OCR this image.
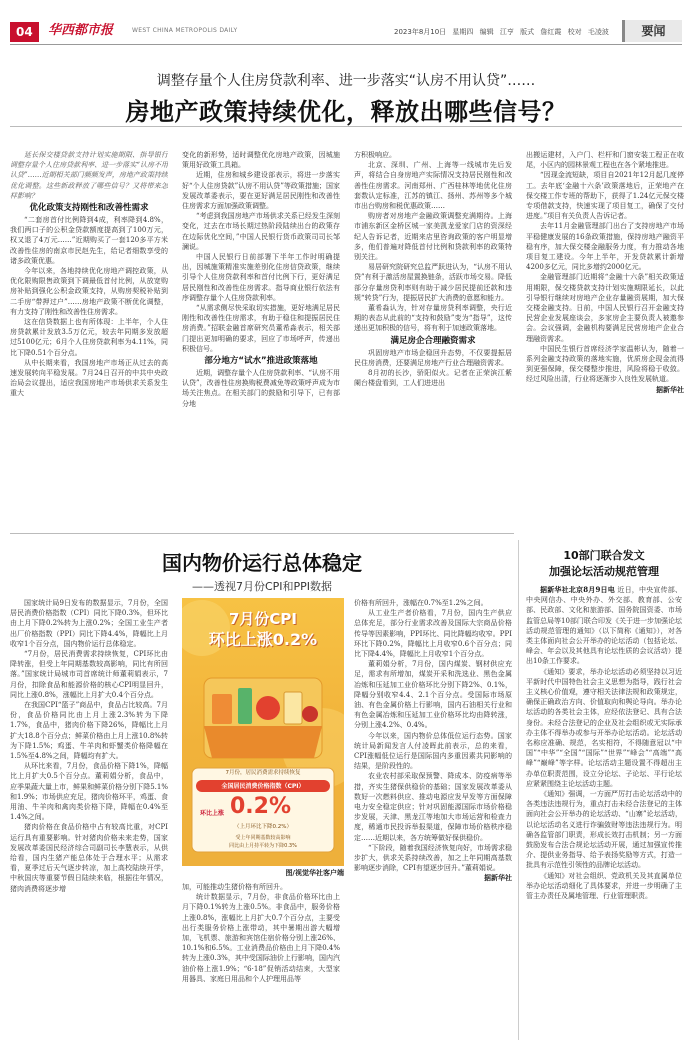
04	华西都市报	WEST CHINA METROPOLIS DAILY	2023年8月10日 星期四 编辑 江亨 版式 詹红霞 校对 毛凌波	要闻
调整存量个人住房贷款利率、进一步落实“认房不用认贷”……
房地产政策持续优化，释放出哪些信号？
延长保交楼贷款支持计划实施期限、指导银行调整存量个人住房贷款利率、进一步落实“认房不用认贷”……近期相关部门频频发声，房地产政策持续优化调整。这些新政释放了哪些信号？又将带来怎样影响？
优化政策支持刚性和改善性需求

“二套房首付比例降到4成，利率降到4.8%，我们两口子的公积金贷款额度提高到了100万元，权又退了4万元……”近期购买了一套120多平方米改善性住房的南京市民赵先生，给记者细数享受的诸多政策优惠。

今年以来，各地持续优化房地产调控政策，从优化限购限售政策到下调最低首付比例，从放宽购房补贴到强化公积金政策支持，从购房契税补贴到二手房“带押过户”……房地产政策不断优化调整，有力支持了刚性和改善性住房需求。

这在信贷数据上也有所体现：上半年，个人住房贷款累计发放3.5万亿元，较去年同期多发放超过5100亿元；6月个人住房贷款利率为4.11%，同比下降0.51个百分点。

从中长期来看，我国房地产市场正从过去的高速发展转向平稳发展。7月24日召开的中共中央政治局会议提出，适应我国房地产市场供求关系发生重大

变化的新形势，适时调整优化房地产政策，因城施策用好政策工具箱。

近期，住房和城乡建设部表示，将进一步落实好“个人住房贷款”认房不用认贷”等政策措施；国家发展改革委表示，要在更好满足居民刚性和改善性住房需求方面加强政策调整。

“考虑到我国房地产市场供求关系已经发生深刻变化，过去在市场长期过热阶段陆续出台的政策存在边际优化空间，”中国人民银行货币政策司司长邹澜说。

中国人民银行日前部署下半年工作时明确提出，因城施策精准实施差别化住房信贷政策，继续引导个人住房贷款利率和首付比例下行，更好满足居民刚性和改善性住房需求。指导商业银行依法有序调整存量个人住房贷款利率。

“从需求侧尽快采取切实措施，更好地满足居民刚性和改善性住房需求，有助于稳住和提振居民住房消费。”招联金融首席研究员董希淼表示，相关部门提出更加明确的要求，回应了市场呼声，传递出积极信号。

部分地方“试水”推进政策落地

近期，调整存量个人住房贷款利率、“认房不用认贷”，改善性住房换购税费减免等政策呼声成为市场关注焦点。在相关部门的鼓励和引导下，已有部分地

方积极响应。

北京、深圳、广州、上海等一线城市先后发声，将结合自身房地产实际情况支持居民刚性和改善性住房需求。河南郑州、广西桂林等地优化住房套数认定标准，江苏的镇江、扬州、苏州等多个城市出台购房和税优惠政策……

购房者对房地产金融政策调整充满期待。上海市浦东新区金桥区城一家美凯龙爱家门店的资深经纪人告诉记者，近期来店里咨询政策的客户明显增多，他们普遍对降低首付比例和贷款利率的政策特别关注。

易居研究院研究总监严跃进认为，“认房不用认贷”有利于激活房屋置换链条，活跃市场交易。降低部分存量房贷利率则有助于减少居民提前还款和违规“转贷”行为，提振居民扩大消费的意愿和能力。

董希淼认为，针对存量房贷利率调整，央行近期的表态从此前的“支持和鼓励”变为“指导”，这传递出更加积极的信号，将有利于加速政策落地。

满足房企合理融资需求

巩固房地产市场企稳回升态势，不仅要提振居民住房消费，还要满足房地产行业合理融资需求。

8月初的长沙，骄阳似火。记者在正荣滨江紫阑台楼盘看到，工人们进进出

出搬运建材，入户门、栏杆和门窗安装工程正在收尾，小区内的园林景观工程也在各个紧地推进。

“因现金流短缺，项目自2021年12月起几度停工。去年底‘金融十六条’政策落地后，正荣地产在保交楼工作专班的帮助下，获得了1.24亿元保交楼专项借款支持，快速实现了项目复工，确保了交付进度。”项目有关负责人告诉记者。

去年11月金融管理部门出台了支持房地产市场平稳健康发展的16条政策措施，保持房地产融资平稳有序，加大保交楼金融服务力度，有力推动各地项目复工建设。今年上半年，开发贷款累计新增4200多亿元，同比多增约2000亿元。

金融管理部门近期将“金融十六条”相关政策适用期限，保交楼贷款支持计划实施期限延长，以此引导银行继续对房地产企业存量融资展期，加大保交楼金融支持。日前，中国人民银行召开金融支持民营企业发展座谈会，多家房企主要负责人被邀参会。会议强调，金融机构要满足民营房地产企业合理融资需求。

中国民生银行首席经济学家温彬认为，随着一系列金融支持政策的落地实施，优质房企现金流得到更强保障，保交楼整步推进，风险将稳于收敛。经过风险出清，行业将逐渐步入良性发展轨道。

据新华社
国内物价运行总体稳定
——透视7月份CPI和PPI数据

国家统计局9日发布的数据显示，7月份，全国居民消费价格指数（CPI）同比下降0.3%，但环比由上月下降0.2%转为上涨0.2%；全国工业生产者出厂价格指数（PPI）同比下降4.4%，降幅比上月收窄1个百分点，国内物价运行总体稳定。

“7月份，居民消费需求持续恢复，CPI环比由降转涨，但受上年同期基数较高影响，同比有所回落。”国家统计局城市司首席统计师董莉娟表示，7月份，扣除食品和能源价格的核心CPI明显回升，同比上涨0.8%，涨幅比上月扩大0.4个百分点。

在我国CPI“篮子”商品中，食品占比较高。7月份，食品价格同比由上月上涨2.3%转为下降1.7%，食品中，猪肉价格下降26%，降幅比上月扩大18.8个百分点；鲜菜价格由上月上涨10.8%转为下降1.5%；鸡蛋、牛羊肉和虾蟹类价格降幅在1.5%至4.8%之间，降幅均有扩大。

从环比来看，7月份，食品价格下降1%，降幅比上月扩大0.5个百分点。董莉娟分析，食品中，应季果蔬大量上市，鲜果和鲜菜价格分别下降5.1%和1.9%；市场供应充足，猪肉价格环平，鸡蛋、食用油、牛羊肉和禽肉类价格下降，降幅在0.4%至1.4%之间。

猪肉价格在食品价格中占有较高比重，对CPI运行具有重要影响。针对猪肉价格未来走势，国家发展改革委国民经济综合司副司长李慧表示，从供给看，国内生猪产能总体处于合理水平；从需求看，夏季过后天气逐步转凉，加上高校陆续开学，中秋国庆等重要节假日陆续来临，根据往年情况，猪肉消费将逐步增

7月份CPI
环比上涨0.2%
7月份，居民消费需求持续恢复
全国居民消费价格指数（CPI）
环比上涨 0.2%
（上月环比下降0.2%）
受上年同期基数较高影响
同比由上月持平转为下降0.3%
图/视觉华社客户端

加，可能推动生猪价格有所回升。

统计数据显示，7月份，非食品价格环比由上月下降0.1%转为上涨0.5%。非食品中，服务价格上涨0.8%，涨幅比上月扩大0.7个百分点，主要受出行类服务价格上涨带动，其中暑期出游大幅增加，飞机票、旅游和宾馆住宿价格分别上涨26%、10.1%和6.5%。工业消费品价格由上月下降0.4%转为上涨0.3%，其中受国际油价上行影响，国内汽油价格上涨1.9%；“6·18”促销活动结束，大型家用器具、家庭日用品和个人护理用品等

价格有所回升，涨幅在0.7%至1.2%之间。

从工业生产者价格看，7月份，国内生产供应总体充足，部分行业需求改善及国际大宗商品价格传导等因素影响，PPI环比、同比降幅均收窄。PPI环比下降0.2%，降幅比上月收窄0.6个百分点；同比下降4.4%，降幅比上月收窄1个百分点。

董莉娟分析，7月份，国内煤炭、钢材供应充足，需求有所增加，煤炭开采和洗选业、黑色金属冶炼和压延加工业价格环比分别下降2%、0.1%，降幅分别收窄4.4、2.1个百分点。受国际市场原油、有色金属价格上行影响，国内石油相关行业和有色金属冶炼和压延加工业价格环比均由降转涨，分别上涨4.2%、0.4%。

今年以来，国内物价总体低位运行态势。国家统计局新闻发言人付凌晖此前表示，总的来看，CPI涨幅低位运行是国际国内多重因素共同影响的结果，是阶段性的。

农业农村部采取保预警、降成本、防疫病等举措，齐实生猪保供稳价的基础；国家发展改革委从数好一次燃料供应、推动电源应发早发等方面保障电力安全稳定供应；针对巩固能源国际市场价格稳步发展，天津、黑龙江等地加大市场运营和检查力度，稀通市民投诉举报渠道，保障市场价格秩序稳定……近期以来，各方统筹做好保供稳价。

“下阶段，随着我国经济恢复向好，市场需求稳步扩大，供求关系持续改善，加之上年同期高基数影响逐步消除，CPI有望逐步回升。”董莉娟说。

据新华社
10部门联合发文
加强论坛活动规范管理

据新华社北京8月9日电 近日，中央宣传部、中央网信办、中央外办、外交部、教育部、公安部、民政部、文化和旅游部、国务院国资委、市场监管总局等10部门联合印发《关于进一步加强论坛活动规范管理的通知》（以下简称《通知》），对各类主体面向社会公开举办的论坛活动（包括论坛、峰会、年会以及其他具有论坛性质的会议活动）提出10条工作要求。

《通知》要求，举办论坛活动必须坚持以习近平新时代中国特色社会主义思想为指导，践行社会主义核心价值观，遵守相关法律法规和政策规定，确保正确政治方向、价值取向和舆论导向。举办论坛活动的各类社会主体，应经依法登记、具有合法身份。未经合法登记的企业及社会组织或无实际承办主体不得举办或参与开举办论坛活动。论坛活动名称应准确、规范，名实相符，不得随意冠以“中国”“中华”“全国”“国际”“世界”“峰会”“高端”“高峰”“巅峰”等字样。论坛活动主题设置不得超出主办单位职责范围，设立分论坛、子论坛、平行论坛应紧紧围绕主论坛活动主题。

《通知》强调，一方面严厉打击论坛活动中的各类违法违规行为，重点打击未经合法登记的主体面向社会公开举办的论坛活动、“山寨”论坛活动，以论坛活动名义进行诈骗敛财等违法违规行为。明确各监管部门职责，形成长效打击机制；另一方面鼓励发布合法合规论坛活动开展，通过加强宣传推介、提供业务指导、给予表扬奖励等方式，打造一批具有示范性引领性的品牌论坛活动。

《通知》对社会组织、党政机关及其直属单位举办论坛活动细化了具体要求，并进一步明确了主管主办责任及属地管理、行业管理职责。
